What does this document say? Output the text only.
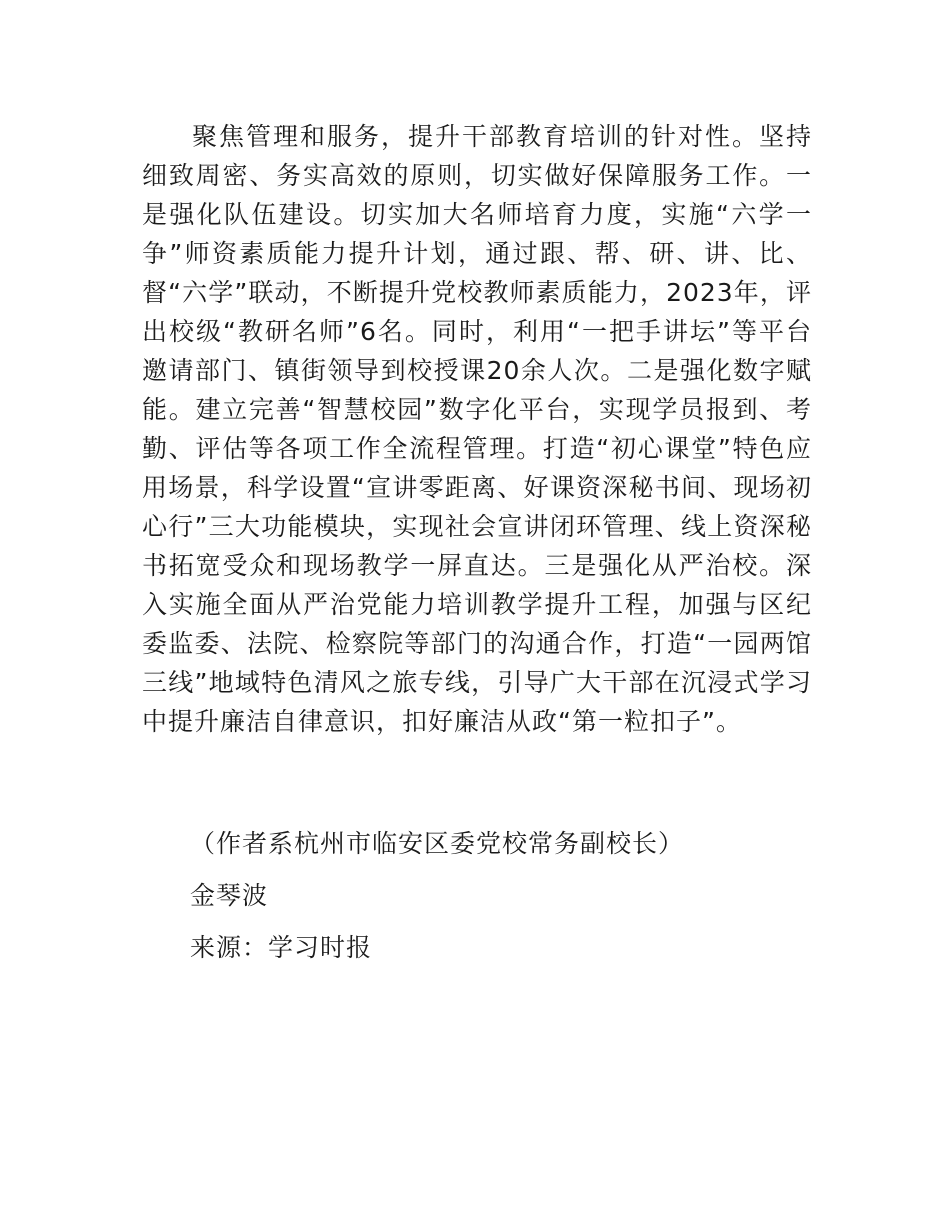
聚焦管理和服务，提升干部教育培训的针对性。坚持细致周密、务实高效的原则，切实做好保障服务工作。一是强化队伍建设。切实加大名师培育力度，实施“六学一争”师资素质能力提升计划，通过跟、帮、研、讲、比、督“六学”联动，不断提升党校教师素质能力，2023年，评出校级“教研名师”6名。同时，利用“一把手讲坛”等平台邀请部门、镇街领导到校授课20余人次。二是强化数字赋能。建立完善“智慧校园”数字化平台，实现学员报到、考勤、评估等各项工作全流程管理。打造“初心课堂”特色应用场景，科学设置“宣讲零距离、好课资深秘书间、现场初心行”三大功能模块，实现社会宣讲闭环管理、线上资深秘书拓宽受众和现场教学一屏直达。三是强化从严治校。深入实施全面从严治党能力培训教学提升工程，加强与区纪委监委、法院、检察院等部门的沟通合作，打造“一园两馆三线”地域特色清风之旅专线，引导广大干部在沉浸式学习中提升廉洁自律意识，扣好廉洁从政“第一粒扣子”。

（作者系杭州市临安区委党校常务副校长）
金琴波
来源：学习时报
